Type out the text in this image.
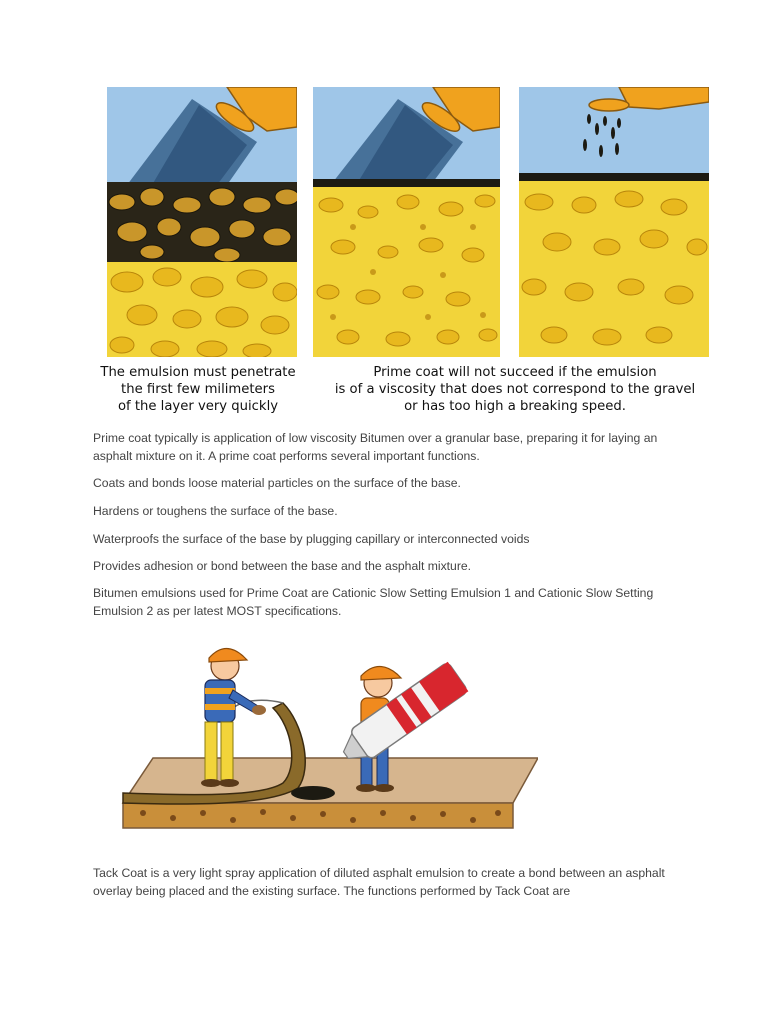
The emulsion must penetrate
the first few milimeters
of the layer very quickly
Prime coat will not succeed if the emulsion
is of a viscosity that does not correspond to the gravel
or has too high a breaking speed.
Prime coat typically is application of low viscosity Bitumen over a granular base, preparing it for laying an asphalt mixture on it. A prime coat performs several important functions.
Coats and bonds loose material particles on the surface of the base.
Hardens or toughens the surface of the base.
Waterproofs the surface of the base by plugging capillary or interconnected voids
Provides adhesion or bond between the base and the asphalt mixture.
Bitumen emulsions used for Prime Coat are Cationic Slow Setting Emulsion 1 and Cationic Slow Setting Emulsion 2 as per latest MOST specifications.
Tack Coat is a very light spray application of diluted asphalt emulsion to create a bond between an asphalt overlay being placed and the existing surface. The functions performed by Tack Coat are
